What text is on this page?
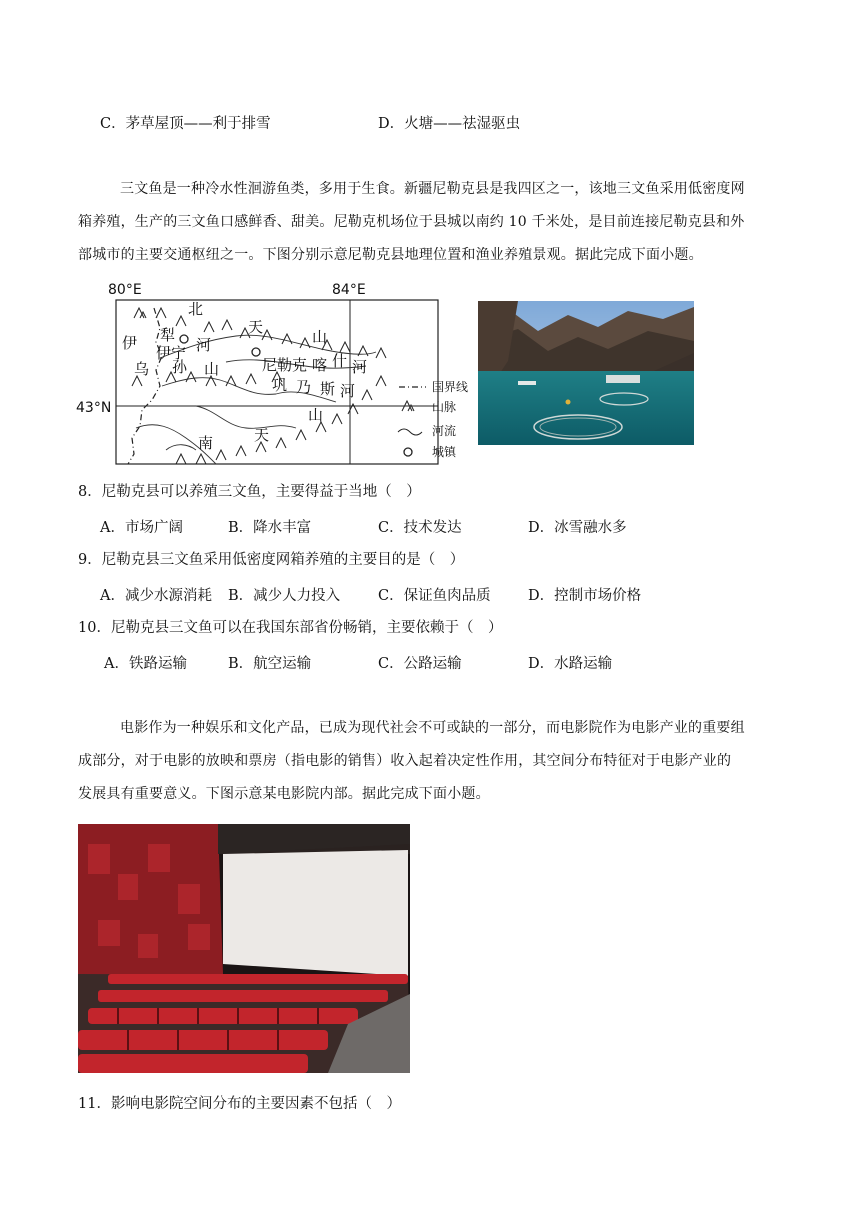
C．茅草屋顶——利于排雪	D．火塘——祛湿驱虫
三文鱼是一种冷水性洄游鱼类，多用于生食。新疆尼勒克县是我四区之一，该地三文鱼采用低密度网
箱养殖，生产的三文鱼口感鲜香、甜美。尼勒克机场位于县城以南约 10 千米处，是目前连接尼勒克县和外
部城市的主要交通枢纽之一。下图分别示意尼勒克县地理位置和渔业养殖景观。据此完成下面小题。
80°E	84°E
43°N
北
天
山
伊 犁
伊宁 河
尼勒克 喀 什 河
乌 孙 山
巩 乃 斯 河
山
南	天
国界线
山脉
河流
城镇
8．尼勒克县可以养殖三文鱼，主要得益于当地（　）
A．市场广阔	B．降水丰富	C．技术发达	D．冰雪融水多
9．尼勒克县三文鱼采用低密度网箱养殖的主要目的是（　）
A．减少水源消耗 B．减少人力投入	C．保证鱼肉品质	D．控制市场价格
10．尼勒克县三文鱼可以在我国东部省份畅销，主要依赖于（　）
A．铁路运输	B．航空运输	C．公路运输	D．水路运输
电影作为一种娱乐和文化产品，已成为现代社会不可或缺的一部分，而电影院作为电影产业的重要组
成部分，对于电影的放映和票房（指电影的销售）收入起着决定性作用，其空间分布特征对于电影产业的
发展具有重要意义。下图示意某电影院内部。据此完成下面小题。
11．影响电影院空间分布的主要因素不包括（　）
